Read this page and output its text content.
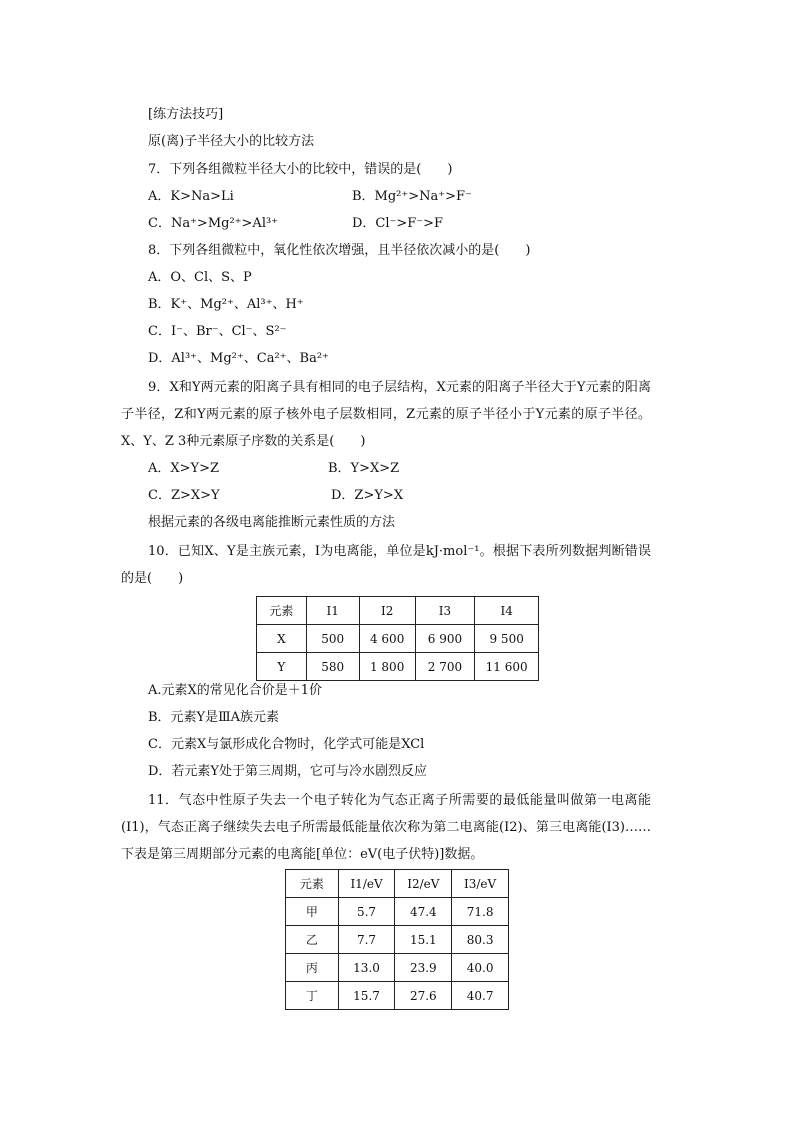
[练方法技巧]
原(离)子半径大小的比较方法
7．下列各组微粒半径大小的比较中，错误的是(　　)
A．K>Na>Li	B．Mg²⁺>Na⁺>F⁻
C．Na⁺>Mg²⁺>Al³⁺	D．Cl⁻>F⁻>F
8．下列各组微粒中，氧化性依次增强，且半径依次减小的是(　　)
A．O、Cl、S、P
B．K⁺、Mg²⁺、Al³⁺、H⁺
C．I⁻、Br⁻、Cl⁻、S²⁻
D．Al³⁺、Mg²⁺、Ca²⁺、Ba²⁺
9．X和Y两元素的阳离子具有相同的电子层结构，X元素的阳离子半径大于Y元素的阳离子半径，Z和Y两元素的原子核外电子层数相同，Z元素的原子半径小于Y元素的原子半径。X、Y、Z 3种元素原子序数的关系是(　　)
A．X>Y>Z	B．Y>X>Z
C．Z>X>Y	D．Z>Y>X
根据元素的各级电离能推断元素性质的方法
10．已知X、Y是主族元素，I为电离能，单位是kJ·mol⁻¹。根据下表所列数据判断错误的是(　　)
元素	I1	I2	I3	I4
X	500	4 600	6 900	9 500
Y	580	1 800	2 700	11 600
A.元素X的常见化合价是＋1价
B．元素Y是ⅢA族元素
C．元素X与氯形成化合物时，化学式可能是XCl
D．若元素Y处于第三周期，它可与冷水剧烈反应
11．气态中性原子失去一个电子转化为气态正离子所需要的最低能量叫做第一电离能(I1)，气态正离子继续失去电子所需最低能量依次称为第二电离能(I2)、第三电离能(I3)……下表是第三周期部分元素的电离能[单位：eV(电子伏特)]数据。
元素	I1/eV	I2/eV	I3/eV
甲	5.7	47.4	71.8
乙	7.7	15.1	80.3
丙	13.0	23.9	40.0
丁	15.7	27.6	40.7
